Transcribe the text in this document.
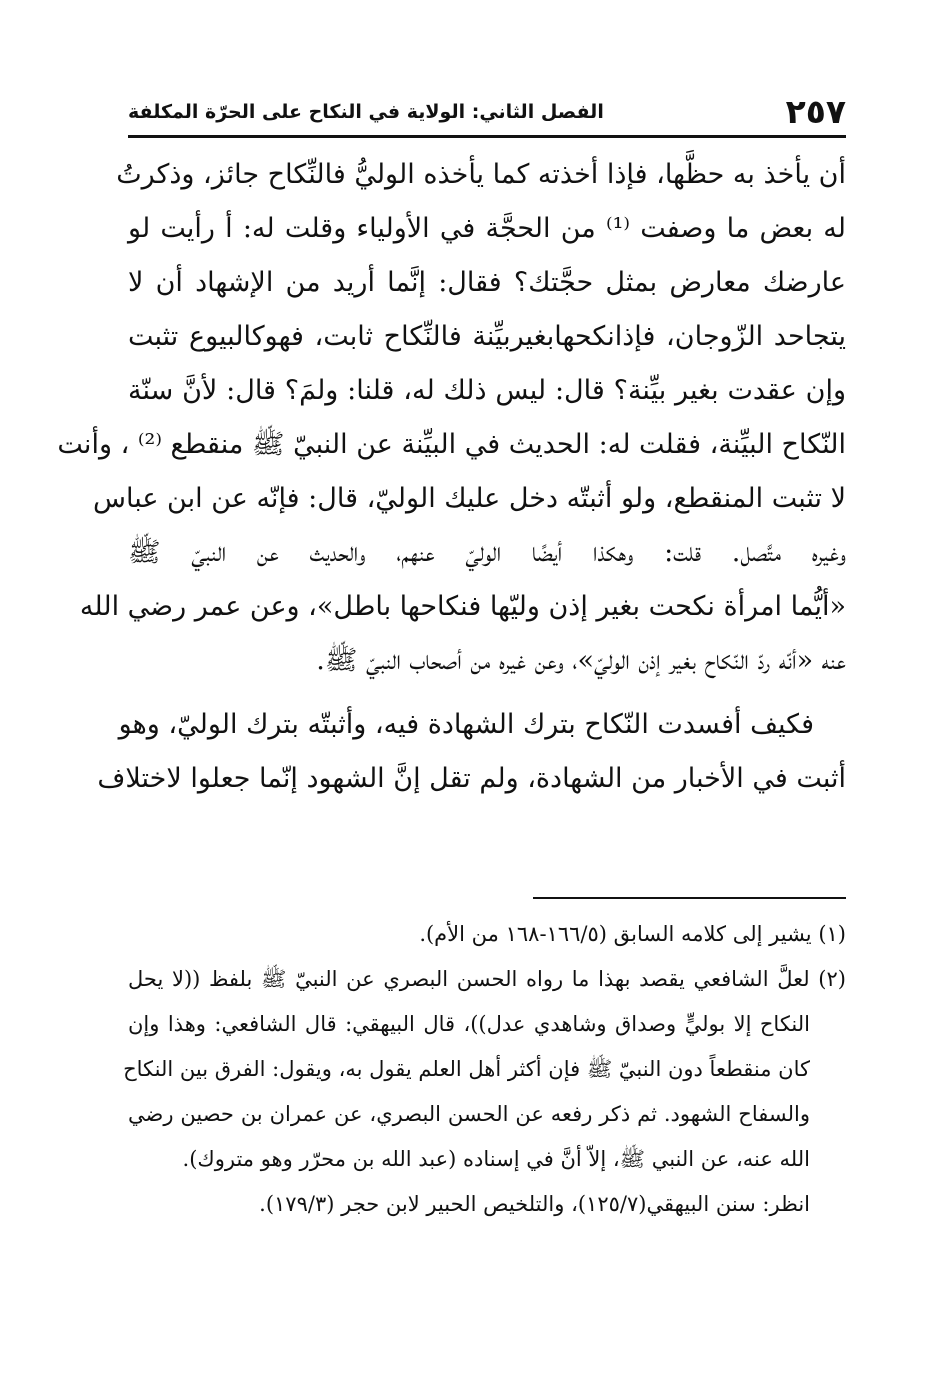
٢٥٧
الفصل الثاني: الولاية في النكاح على الحرّة المكلفة
أن يأخذ به حظَّها، فإذا أخذته كما يأخذه الوليُّ فالنِّكاح جائز، وذكرتُ
له بعض ما وصفت ⁽¹⁾ من الحجَّة في الأولياء وقلت له: أ رأيت لو
عارضك معارض بمثل حجَّتك؟ فقال: إنَّما أريد من الإشهاد أن لا
يتجاحد الزّوجان، فإذانكحهابغيربيِّنة فالنِّكاح ثابت، فهوكالبيوع تثبت
وإن عقدت بغير بيِّنة؟ قال: ليس ذلك له، قلنا: ولمَ؟ قال: لأنَّ سنّة
النّكاح البيِّنة، فقلت له: الحديث في البيِّنة عن النبيّ ﷺ منقطع ⁽²⁾ ، وأنت
لا تثبت المنقطع، ولو أثبتّه دخل عليك الوليّ، قال: فإنّه عن ابن عباس
وغيره متَّصل. قلت: وهكذا أيضًا الوليّ عنهم، والحديث عن النبيّ ﷺ
«أيُّما امرأة نكحت بغير إذن وليّها فنكاحها باطل»، وعن عمر رضي الله
عنه «أنّه ردّ النّكاح بغير إذن الوليّ»، وعن غيره من أصحاب النبيّ ﷺ.
فكيف أفسدت النّكاح بترك الشهادة فيه، وأثبتّه بترك الوليّ، وهو
أثبت في الأخبار من الشهادة، ولم تقل إنَّ الشهود إنّما جعلوا لاختلاف
(١) يشير إلى كلامه السابق (١٦٦/٥-١٦٨ من الأم).
(٢) لعلَّ الشافعي يقصد بهذا ما رواه الحسن البصري عن النبيّ ﷺ بلفظ ((لا يحل
النكاح إلا بوليٍّ وصداق وشاهدي عدل))، قال البيهقي: قال الشافعي: وهذا وإن
كان منقطعاً دون النبيّ ﷺ فإن أكثر أهل العلم يقول به، ويقول: الفرق بين النكاح
والسفاح الشهود. ثم ذكر رفعه عن الحسن البصري، عن عمران بن حصين رضي
الله عنه، عن النبي ﷺ، إلاّ أنَّ في إسناده (عبد الله بن محرّر وهو متروك).
انظر: سنن البيهقي(١٢٥/٧)، والتلخيص الحبير لابن حجر (١٧٩/٣).
